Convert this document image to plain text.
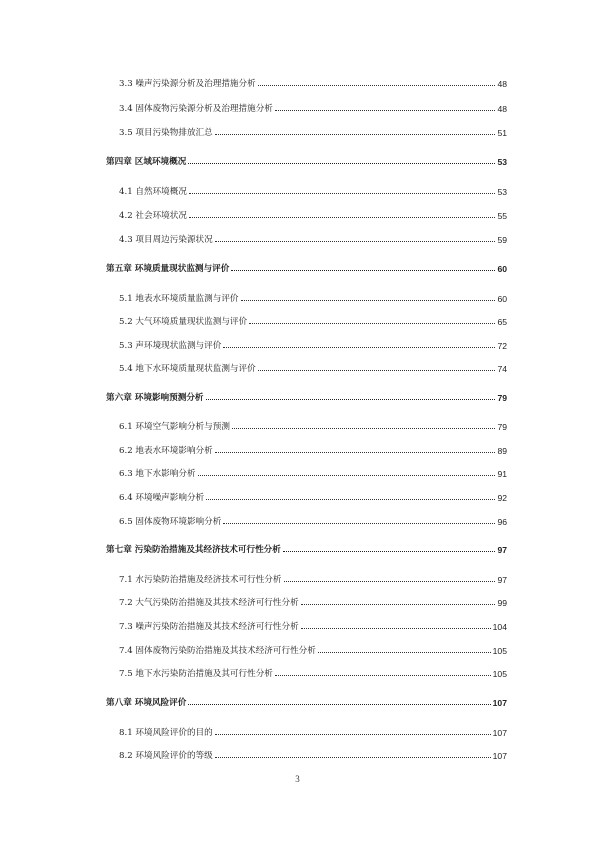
3.3 噪声污染源分析及治理措施分析	48
3.4 固体废物污染源分析及治理措施分析	48
3.5 项目污染物排放汇总	51
第四章 区域环境概况	53
4.1 自然环境概况	53
4.2 社会环境状况	55
4.3 项目周边污染源状况	59
第五章 环境质量现状监测与评价	60
5.1 地表水环境质量监测与评价	60
5.2 大气环境质量现状监测与评价	65
5.3 声环境现状监测与评价	72
5.4 地下水环境质量现状监测与评价	74
第六章 环境影响预测分析	79
6.1 环境空气影响分析与预测	79
6.2 地表水环境影响分析	89
6.3 地下水影响分析	91
6.4 环境噪声影响分析	92
6.5 固体废物环境影响分析	96
第七章 污染防治措施及其经济技术可行性分析	97
7.1 水污染防治措施及经济技术可行性分析	97
7.2 大气污染防治措施及其技术经济可行性分析	99
7.3 噪声污染防治措施及其技术经济可行性分析	104
7.4 固体废物污染防治措施及其技术经济可行性分析	105
7.5 地下水污染防治措施及其可行性分析	105
第八章 环境风险评价	107
8.1 环境风险评价的目的	107
8.2 环境风险评价的等级	107
3
